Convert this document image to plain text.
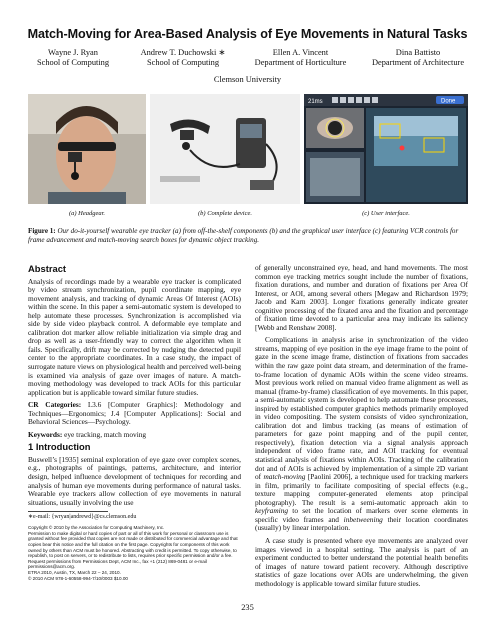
Match-Moving for Area-Based Analysis of Eye Movements in Natural Tasks
Wayne J. Ryan
School of Computing
Andrew T. Duchowski ∗
School of Computing
Ellen A. Vincent
Department of Horticulture
Dina Battisto
Department of Architecture
Clemson University
21ms	Done
(a) Headgear.	(b) Complete device.	(c) User interface.
Figure 1: Our do-it-yourself wearable eye tracker (a) from off-the-shelf components (b) and the graphical user interface (c) featuring VCR controls for frame advancement and match-moving search boxes for dynamic object tracking.
Abstract

Analysis of recordings made by a wearable eye tracker is complicated by video stream synchronization, pupil coordinate mapping, eye movement analysis, and tracking of dynamic Areas Of Interest (AOIs) within the scene. In this paper a semi-automatic system is developed to help automate these processes. Synchronization is accomplished via side by side video playback control. A deformable eye template and calibration dot marker allow reliable initialization via simple drag and drop as well as a user-friendly way to correct the algorithm when it fails. Specifically, drift may be corrected by nudging the detected pupil center to the appropriate coordinates. In a case study, the impact of surrogate nature views on physiological health and perceived well-being is examined via analysis of gaze over images of nature. A match-moving methodology was developed to track AOIs for this particular application but is applicable toward similar future studies.

CR Categories: I.3.6 [Computer Graphics]: Methodology and Techniques—Ergonomics; J.4 [Computer Applications]: Social and Behavioral Sciences—Psychology.

Keywords: eye tracking, match moving

1 Introduction

Buswell’s [1935] seminal exploration of eye gaze over complex scenes, e.g., photographs of paintings, patterns, architecture, and interior design, helped influence development of techniques for recording and analysis of human eye movements during performance of natural tasks. Wearable eye trackers allow collection of eye movements in natural situations, usually involving the use

∗e-mail: {wryan|andrewd}@cs.clemson.edu
Copyright © 2010 by the Association for Computing Machinery, Inc.
Permission to make digital or hard copies of part or all of this work for personal or classroom use is granted without fee provided that copies are not made or distributed for commercial advantage and that copies bear this notice and the full citation on the first page. Copyrights for components of this work owned by others than ACM must be honored. Abstracting with credit is permitted. To copy otherwise, to republish, to post on servers, or to redistribute to lists, requires prior specific permission and/or a fee. Request permissions from Permissions Dept, ACM Inc., fax +1 (212) 869-0481 or e-mail permissions@acm.org.
ETRA 2010, Austin, TX, March 22 – 24, 2010.
© 2010 ACM 978-1-60558-994-7/10/0003 $10.00

of generally unconstrained eye, head, and hand movements. The most common eye tracking metrics sought include the number of fixations, fixation durations, and number and duration of fixations per Area Of Interest, or AOI, among several others [Megaw and Richardson 1979; Jacob and Karn 2003]. Longer fixations generally indicate greater cognitive processing of the fixated area and the fixation and percentage of fixation time devoted to a particular area may indicate its saliency [Webb and Renshaw 2008].

Complications in analysis arise in synchronization of the video streams, mapping of eye position in the eye image frame to the point of gaze in the scene image frame, distinction of fixations from saccades within the raw gaze point data stream, and determination of the frame-to-frame location of dynamic AOIs within the scene video streams. Most previous work relied on manual video frame alignment as well as manual (frame-by-frame) classification of eye movements. In this paper, a semi-automatic system is developed to help automate these processes, inspired by established computer graphics methods primarily employed in video compositing. The system consists of video synchronization, calibration dot and limbus tracking (as means of estimation of parameters for gaze point mapping and of the pupil center, respectively), fixation detection via a signal analysis approach independent of video frame rate, and AOI tracking for eventual statistical analysis of fixations within AOIs. Tracking of the calibration dot and of AOIs is achieved by implementation of a simple 2D variant of match-moving [Paolini 2006], a technique used for tracking markers in film, primarily to facilitate compositing of special effects (e.g., texture mapping computer-generated elements atop principal photography). The result is a semi-automatic approach akin to keyframing to set the location of markers over scene elements in specific video frames and inbetweening their location coordinates (usually) by linear interpolation.

A case study is presented where eye movements are analyzed over images viewed in a hospital setting. The analysis is part of an experiment conducted to better understand the potential health benefits of images of nature toward patient recovery. Although descriptive statistics of gaze locations over AOIs are underwhelming, the given methodology is applicable toward similar future studies.

235
